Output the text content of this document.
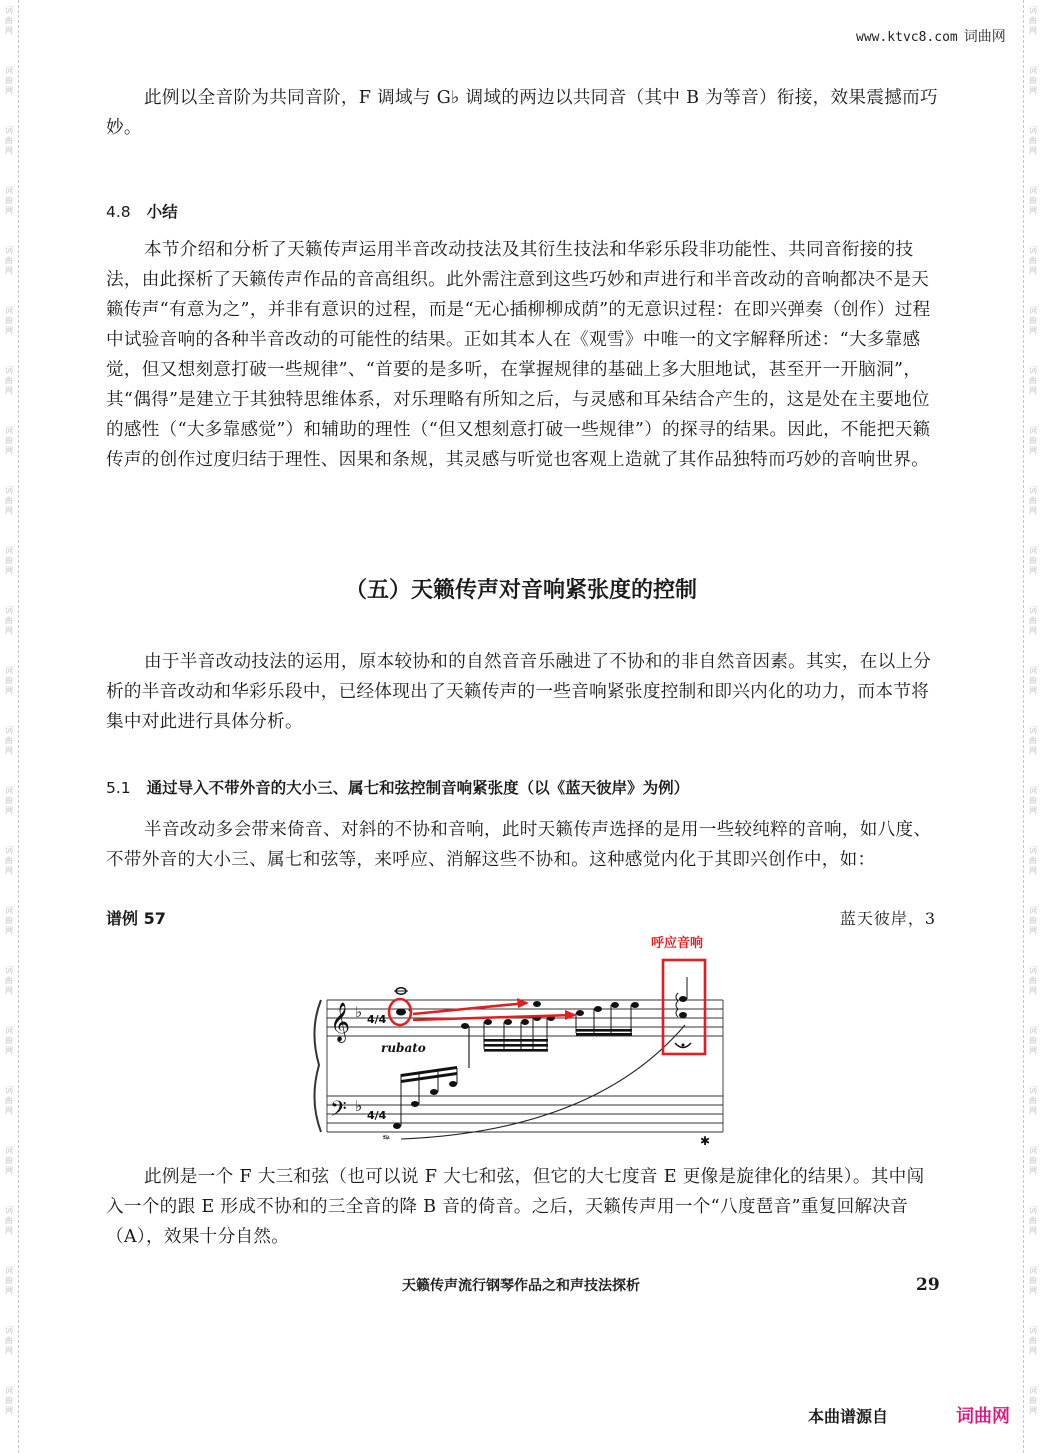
词
曲
网
词
曲
网
词
曲
网
词
曲
网
词
曲
网
词
曲
网
词
曲
网
词
曲
网
词
曲
网
词
曲
网
词
曲
网
词
曲
网
词
曲
网
词
曲
网
词
曲
网
词
曲
网
词
曲
网
词
曲
网
词
曲
网
词
曲
网
词
曲
网
词
曲
网
词
曲
网
词
曲
网
词
曲
网
词
曲
网
词
曲
网
词
曲
网
词
曲
网
词
曲
网
词
曲
网
词
曲
网
词
曲
网
词
曲
网
词
曲
网
词
曲
网
词
曲
网
词
曲
网
词
曲
网
词
曲
网
词
曲
网
词
曲
网
词
曲
网
词
曲
网
词
曲
网
词
曲
网
词
曲
网
词
曲
网
www.ktvc8.com 词曲网

此例以全音阶为共同音阶，F 调域与 G♭ 调域的两边以共同音（其中 B 为等音）衔接，效果震撼而巧妙。

4.8 小结

本节介绍和分析了天籁传声运用半音改动技法及其衍生技法和华彩乐段非功能性、共同音衔接的技法，由此探析了天籁传声作品的音高组织。此外需注意到这些巧妙和声进行和半音改动的音响都决不是天籁传声“有意为之”，并非有意识的过程，而是“无心插柳柳成荫”的无意识过程：在即兴弹奏（创作）过程中试验音响的各种半音改动的可能性的结果。正如其本人在《观雪》中唯一的文字解释所述：“大多靠感觉，但又想刻意打破一些规律”、“首要的是多听，在掌握规律的基础上多大胆地试，甚至开一开脑洞”，其“偶得”是建立于其独特思维体系，对乐理略有所知之后，与灵感和耳朵结合产生的，这是处在主要地位的感性（“大多靠感觉”）和辅助的理性（“但又想刻意打破一些规律”）的探寻的结果。因此，不能把天籁传声的创作过度归结于理性、因果和条规，其灵感与听觉也客观上造就了其作品独特而巧妙的音响世界。

（五）天籁传声对音响紧张度的控制

由于半音改动技法的运用，原本较协和的自然音音乐融进了不协和的非自然音因素。其实，在以上分析的半音改动和华彩乐段中，已经体现出了天籁传声的一些音响紧张度控制和即兴内化的功力，而本节将集中对此进行具体分析。

5.1 通过导入不带外音的大小三、属七和弦控制音响紧张度（以《蓝天彼岸》为例）

半音改动多会带来倚音、对斜的不协和音响，此时天籁传声选择的是用一些较纯粹的音响，如八度、不带外音的大小三、属七和弦等，来呼应、消解这些不协和。这种感觉内化于其即兴创作中，如：

谱例 57	蓝天彼岸，3
𝄞
𝄢
♭
♭
4/4
4/4
rubato
𝆮	✱
呼应音响

此例是一个 F 大三和弦（也可以说 F 大七和弦，但它的大七度音 E 更像是旋律化的结果）。其中闯入一个的跟 E 形成不协和的三全音的降 B 音的倚音。之后，天籁传声用一个“八度琶音”重复回解决音（A），效果十分自然。

天籁传声流行钢琴作品之和声技法探析	29
本曲谱源自	词曲网
